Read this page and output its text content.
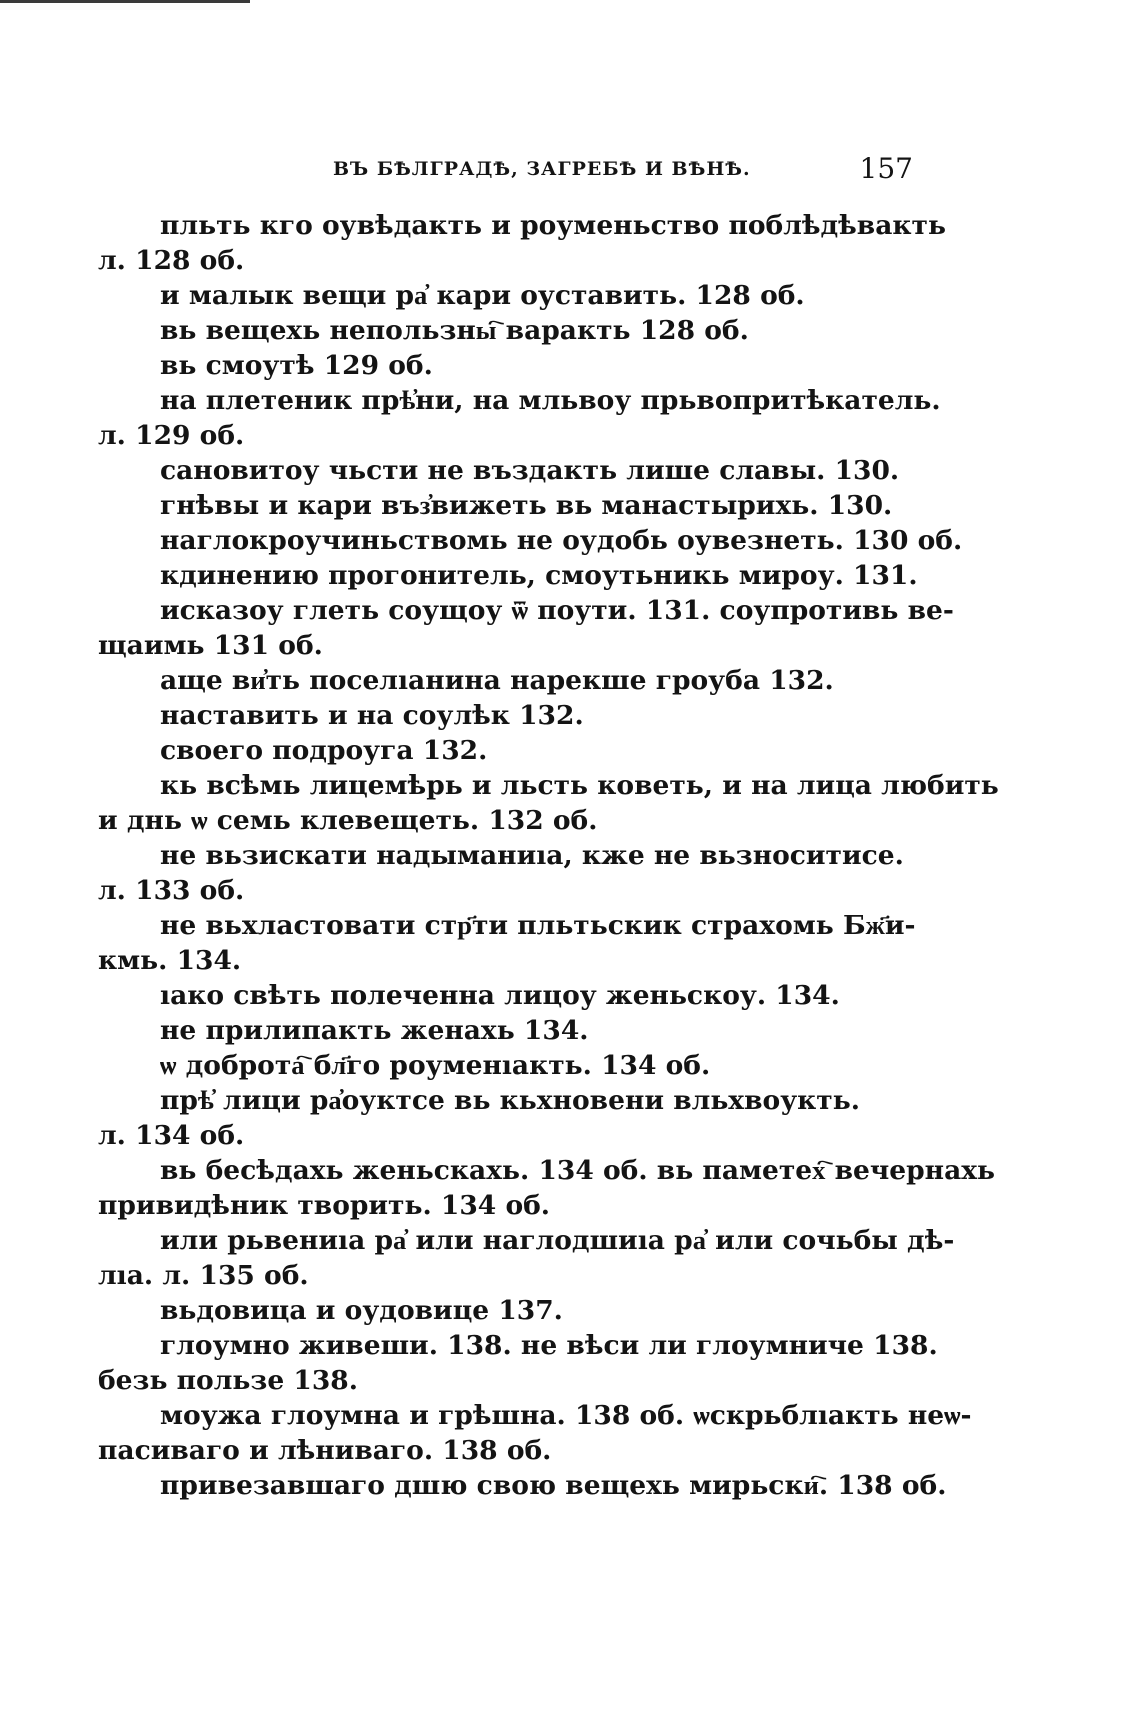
ВЪ БѢЛГРАДѢ, ЗАГРЕБѢ И ВѢНѢ.	157

пльть кго оувѣдакть и роуменьство поблѣдѣвакть
л. 128 об.

и малык вещи ра҆ кари оуставить. 128 об.

вь вещехь непользны҇ варакть 128 об.

вь смоутѣ 129 об.

на плетеник прѣ҆ни, на мльвоу прьвопритѣкатель.
л. 129 об.

сановитоу чьсти не въздакть лише славы. 130.

гнѣвы и кари въз҆вижеть вь манастырихь. 130.

наглокроучиньствомь не оудобь оувезнеть. 130 об.

кдинению прогонитель, смоутьникь мироу. 131.

исказоу глеть соущоу ѿ поути. 131. соупротивь ве-
щаимь 131 об.

аще ви҆ть поселıанина нарекше гроуба 132.

наставить и на соулѣк 132.

своего подроуга 132.

кь всѣмь лицемѣрь и льсть коветь, и на лица любить
и днь ѡ семь клевещеть. 132 об.

не вьзискати надыманиıа, кже не вьзноситисе.
л. 133 об.

не вьхластовати стр҃ти пльтьскик страхомь Бж҃и-
кмь. 134.

ıако свѣть полеченна лицоу женьскоу. 134.

не прилипакть женахь 134.

ѡ доброта҇ бл҃го роуменıакть. 134 об.

прѣ҆ лици ра҆оуктсе вь кьхновени вльхвоукть.
л. 134 об.

вь бесѣдахь женьскахь. 134 об. вь паметех҇ вечернахь
привидѣник творить. 134 об.

или рьвениıа ра҆ или наглодшиıа ра҆ или сочьбы дѣ-
лıа. л. 135 об.

вьдовица и оудовице 137.

глоумно живеши. 138. не вѣси ли глоумниче 138.
безь пользе 138.

моужа глоумна и грѣшна. 138 об. ѡскрьблıакть неѡ-
пасиваго и лѣниваго. 138 об.

привезавшаго дшю свою вещехь мирьски҇. 138 об.
